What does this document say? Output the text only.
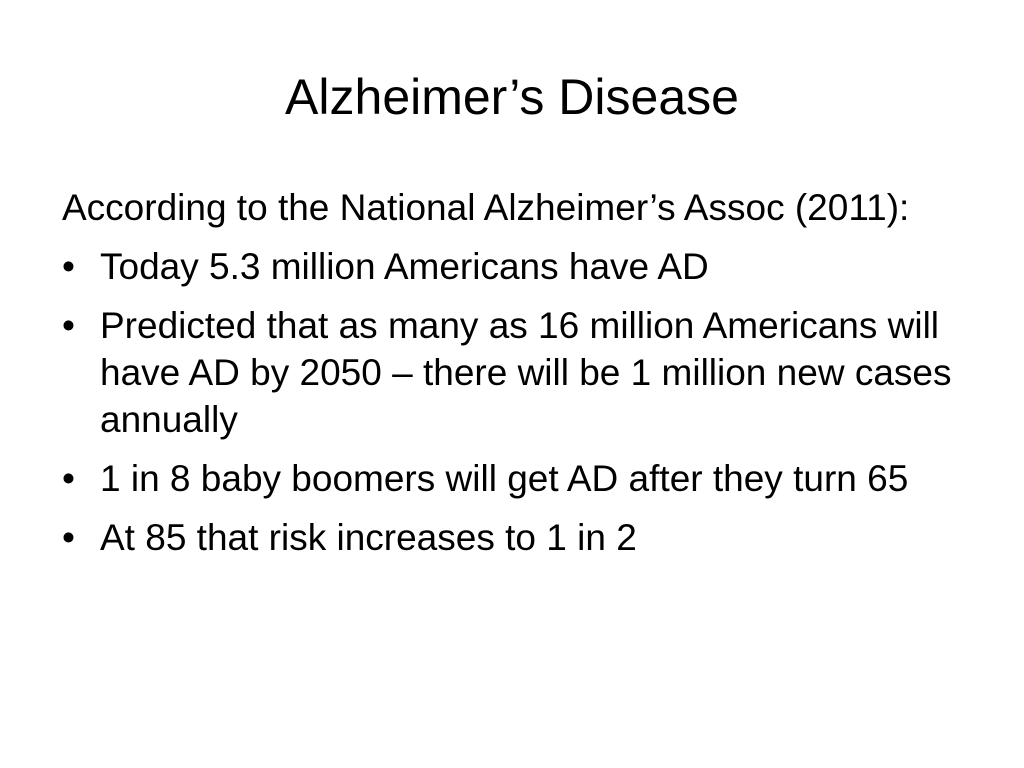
Alzheimer’s Disease

According to the National Alzheimer’s Assoc (2011):

• Today 5.3 million Americans have AD
• Predicted that as many as 16 million Americans will have AD by 2050 – there will be 1 million new cases annually
• 1 in 8 baby boomers will get AD after they turn 65
• At 85 that risk increases to 1 in 2
